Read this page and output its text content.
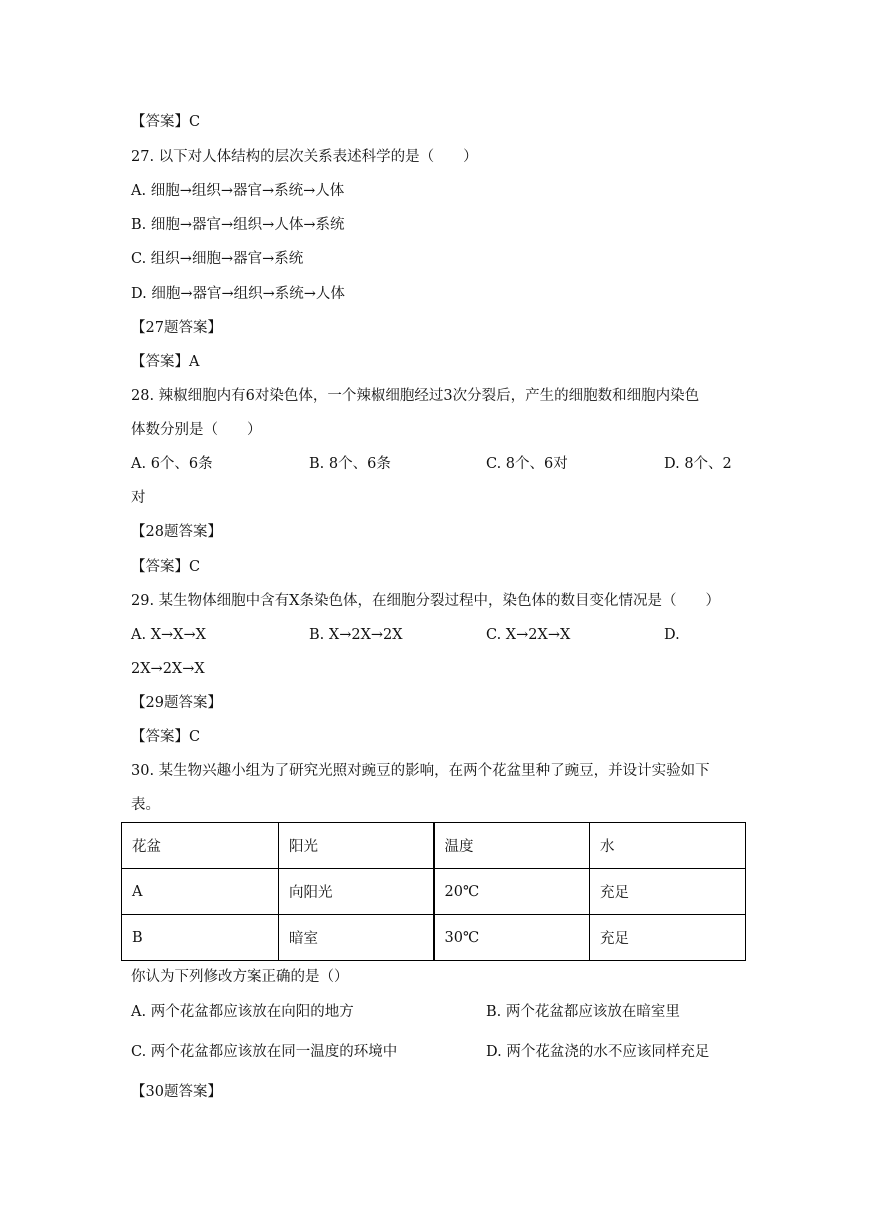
【答案】C
27. 以下对人体结构的层次关系表述科学的是（　　）
A. 细胞→组织→器官→系统→人体
B. 细胞→器官→组织→人体→系统
C. 组织→细胞→器官→系统
D. 细胞→器官→组织→系统→人体
【27题答案】
【答案】A
28. 辣椒细胞内有6对染色体，一个辣椒细胞经过3次分裂后，产生的细胞数和细胞内染色
体数分别是（　　）
A. 6个、6条	B. 8个、6条	C. 8个、6对	D. 8个、2
对
【28题答案】
【答案】C
29. 某生物体细胞中含有X条染色体，在细胞分裂过程中，染色体的数目变化情况是（　　）
A. X→X→X	B. X→2X→2X	C. X→2X→X	D.
2X→2X→X
【29题答案】
【答案】C
30. 某生物兴趣小组为了研究光照对豌豆的影响，在两个花盆里种了豌豆，并设计实验如下
表。
花盆	阳光	温度	水
A	向阳光	20℃	充足
B	暗室	30℃	充足
你认为下列修改方案正确的是（）
A. 两个花盆都应该放在向阳的地方	B. 两个花盆都应该放在暗室里
C. 两个花盆都应该放在同一温度的环境中	D. 两个花盆浇的水不应该同样充足
【30题答案】
